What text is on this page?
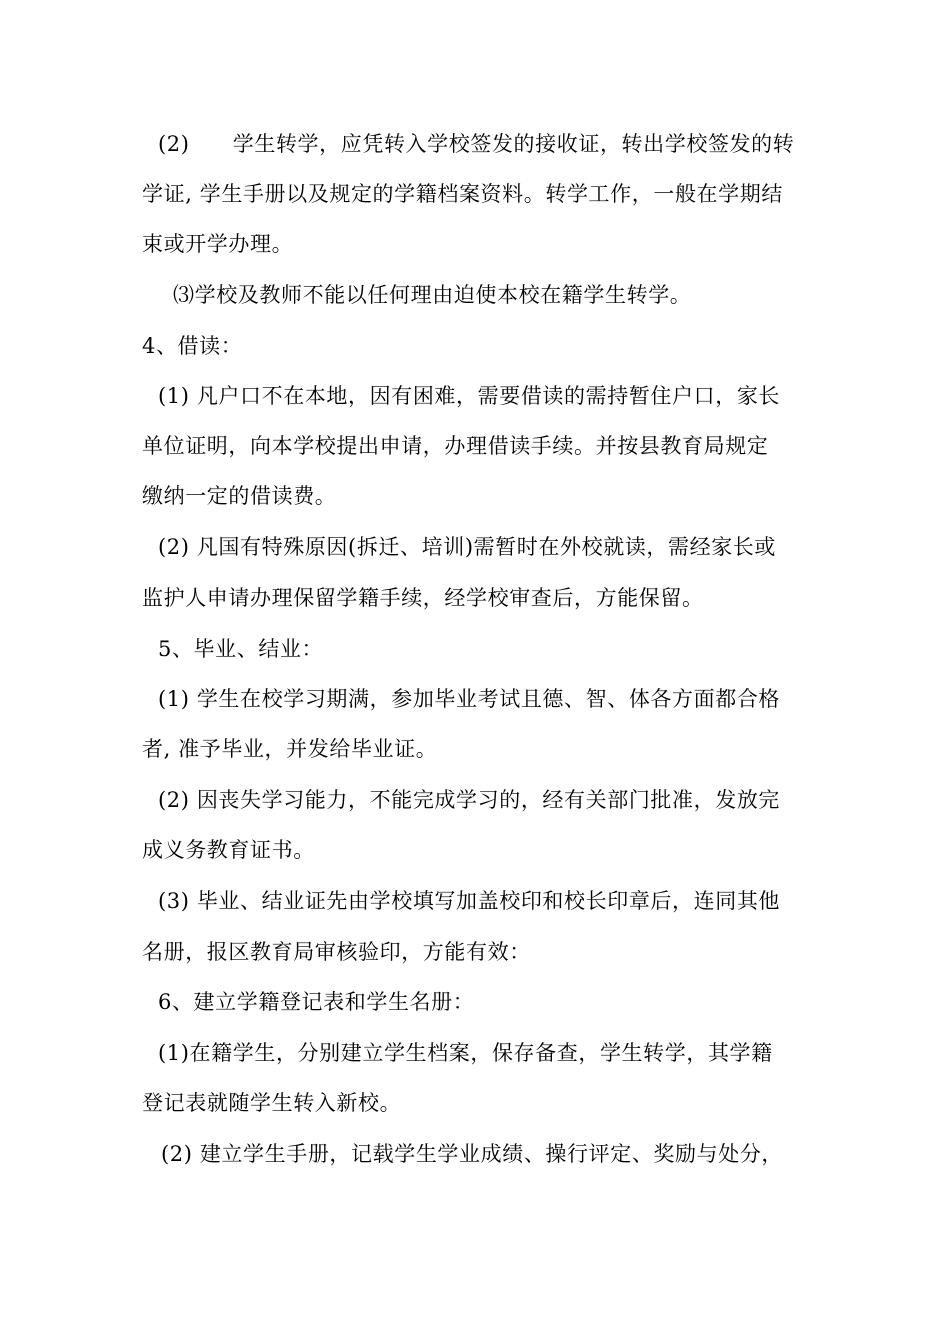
(2)　　学生转学，应凭转入学校签发的接收证，转出学校签发的转
学证, 学生手册以及规定的学籍档案资料。转学工作，一般在学期结
束或开学办理。
⑶学校及教师不能以任何理由迫使本校在籍学生转学。
4、借读：
(1) 凡户口不在本地，因有困难，需要借读的需持暂住户口，家长
单位证明，向本学校提出申请，办理借读手续。并按县教育局规定
缴纳一定的借读费。
(2) 凡国有特殊原因(拆迁、培训)需暂时在外校就读，需经家长或
监护人申请办理保留学籍手续，经学校审查后，方能保留。
5、毕业、结业：
(1) 学生在校学习期满，参加毕业考试且德、智、体各方面都合格
者, 准予毕业，并发给毕业证。
(2) 因丧失学习能力，不能完成学习的，经有关部门批准，发放完
成义务教育证书。
(3) 毕业、结业证先由学校填写加盖校印和校长印章后，连同其他
名册，报区教育局审核验印，方能有效：
6、建立学籍登记表和学生名册：
(1)在籍学生，分别建立学生档案，保存备查，学生转学，其学籍
登记表就随学生转入新校。
(2) 建立学生手册，记载学生学业成绩、操行评定、奖励与处分，
